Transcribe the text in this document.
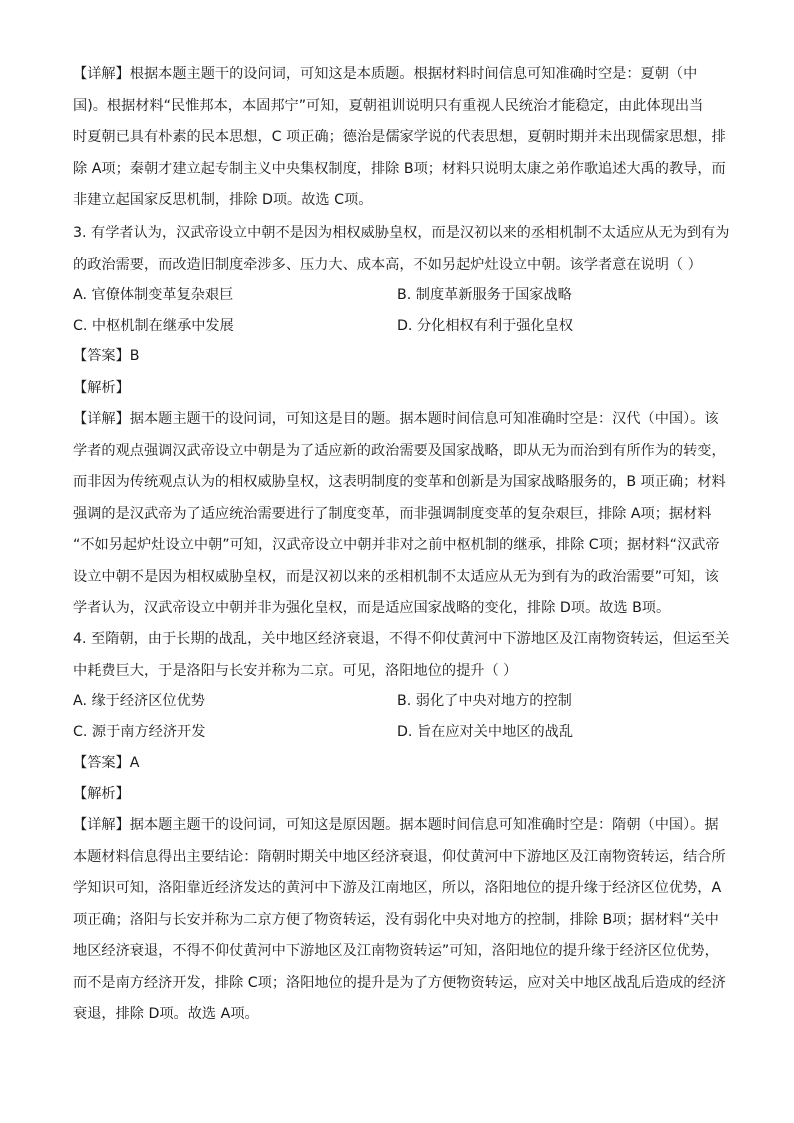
【详解】根据本题主题干的设问词，可知这是本质题。根据材料时间信息可知准确时空是：夏朝（中
国)。根据材料“民惟邦本，本固邦宁”可知，夏朝祖训说明只有重视人民统治才能稳定，由此体现出当
时夏朝已具有朴素的民本思想，C 项正确；德治是儒家学说的代表思想，夏朝时期并未出现儒家思想，排
除 A项；秦朝才建立起专制主义中央集权制度，排除 B项；材料只说明太康之弟作歌追述大禹的教导，而
非建立起国家反思机制，排除 D项。故选 C项。
3. 有学者认为，汉武帝设立中朝不是因为相权威胁皇权，而是汉初以来的丞相机制不太适应从无为到有为
的政治需要，而改造旧制度牵涉多、压力大、成本高，不如另起炉灶设立中朝。该学者意在说明（ ）
A. 官僚体制变革复杂艰巨	B. 制度革新服务于国家战略
C. 中枢机制在继承中发展	D. 分化相权有利于强化皇权
【答案】B
【解析】
【详解】据本题主题干的设问词，可知这是目的题。据本题时间信息可知准确时空是：汉代（中国）。该
学者的观点强调汉武帝设立中朝是为了适应新的政治需要及国家战略，即从无为而治到有所作为的转变，
而非因为传统观点认为的相权威胁皇权，这表明制度的变革和创新是为国家战略服务的，B 项正确；材料
强调的是汉武帝为了适应统治需要进行了制度变革，而非强调制度变革的复杂艰巨，排除 A项；据材料
“不如另起炉灶设立中朝”可知，汉武帝设立中朝并非对之前中枢机制的继承，排除 C项；据材料“汉武帝
设立中朝不是因为相权威胁皇权，而是汉初以来的丞相机制不太适应从无为到有为的政治需要”可知，该
学者认为，汉武帝设立中朝并非为强化皇权，而是适应国家战略的变化，排除 D项。故选 B项。
4. 至隋朝，由于长期的战乱，关中地区经济衰退，不得不仰仗黄河中下游地区及江南物资转运，但运至关
中耗费巨大，于是洛阳与长安并称为二京。可见，洛阳地位的提升（ ）
A. 缘于经济区位优势	B. 弱化了中央对地方的控制
C. 源于南方经济开发	D. 旨在应对关中地区的战乱
【答案】A
【解析】
【详解】据本题主题干的设问词，可知这是原因题。据本题时间信息可知准确时空是：隋朝（中国）。据
本题材料信息得出主要结论：隋朝时期关中地区经济衰退，仰仗黄河中下游地区及江南物资转运，结合所
学知识可知，洛阳靠近经济发达的黄河中下游及江南地区，所以，洛阳地位的提升缘于经济区位优势，A
项正确；洛阳与长安并称为二京方便了物资转运，没有弱化中央对地方的控制，排除 B项；据材料“关中
地区经济衰退，不得不仰仗黄河中下游地区及江南物资转运”可知，洛阳地位的提升缘于经济区位优势，
而不是南方经济开发，排除 C项；洛阳地位的提升是为了方便物资转运，应对关中地区战乱后造成的经济
衰退，排除 D项。故选 A项。
